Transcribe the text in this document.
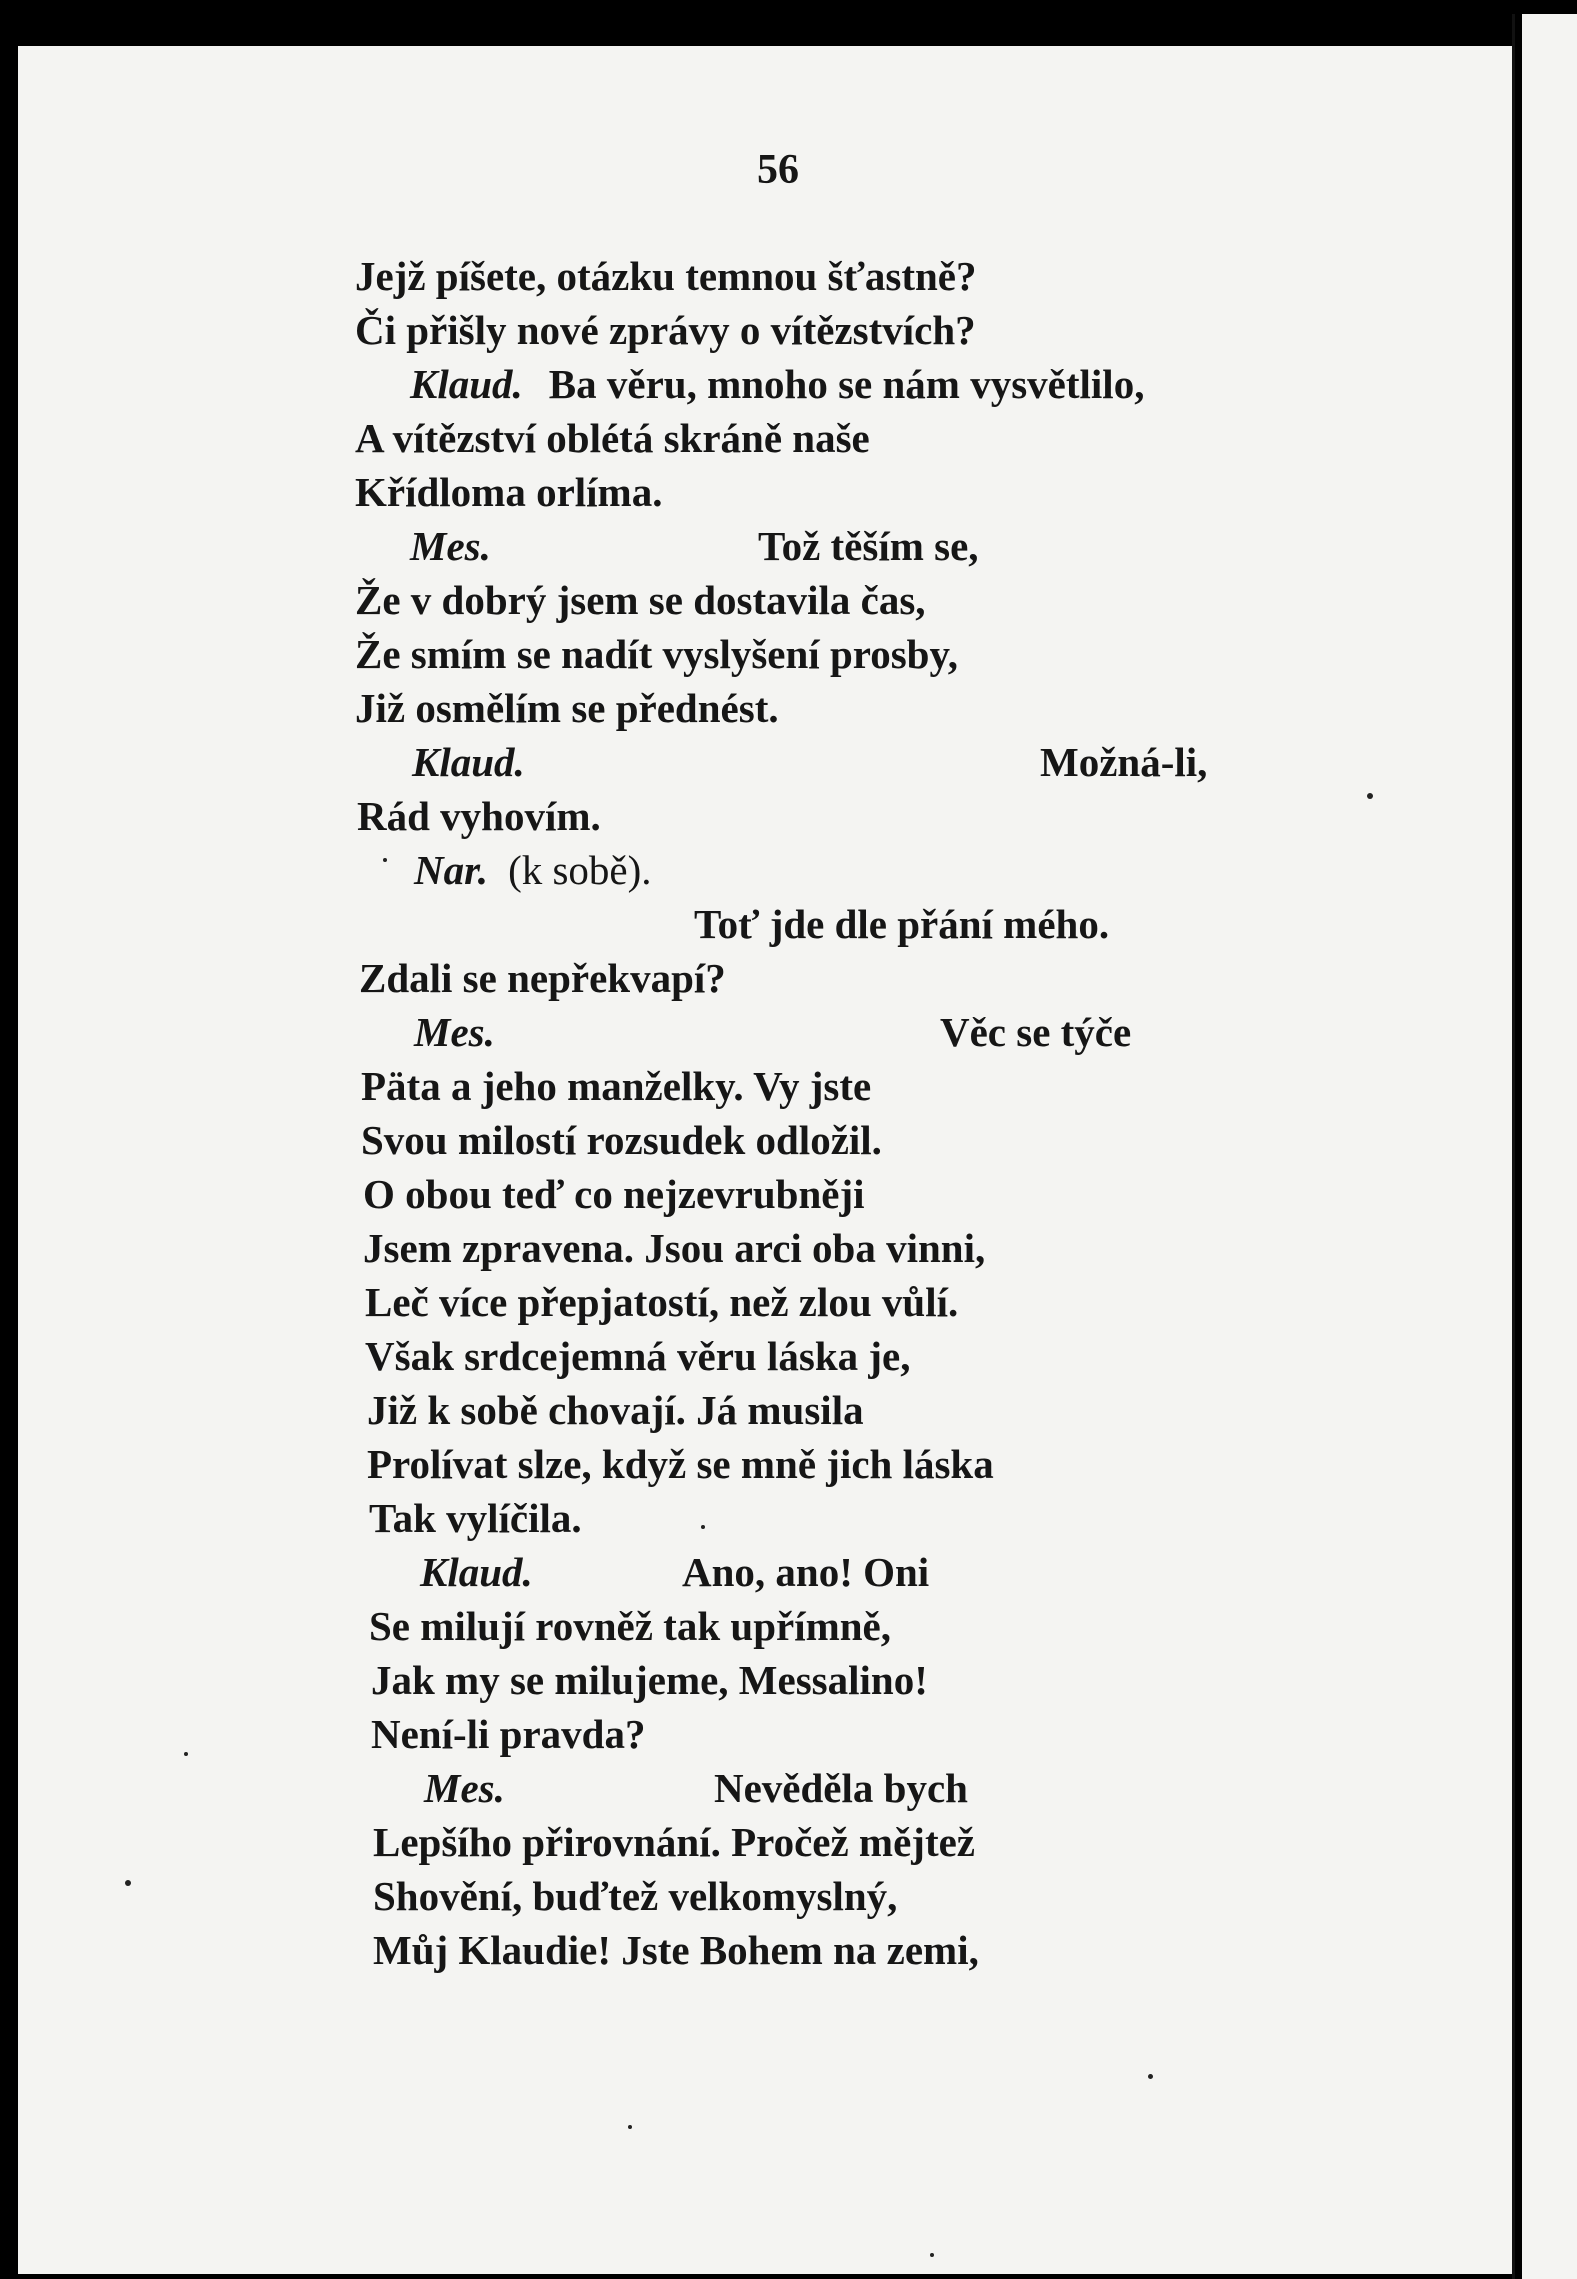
56

Jejž píšete, otázku temnou šťastně?
Či přišly nové zprávy o vítězstvích?
Klaud. Ba věru, mnoho se nám vysvětlilo,
A vítězství oblétá skráně naše
Křídloma orlíma.
Mes.	Tož těším se,
Že v dobrý jsem se dostavila čas,
Že smím se nadít vyslyšení prosby,
Již osmělím se přednést.
Klaud.	Možná-li,
Rád vyhovím.
Nar. (k sobě).
Toť jde dle přání mého.
Zdali se nepřekvapí?
Mes.	Věc se týče
Päta a jeho manželky. Vy jste
Svou milostí rozsudek odložil.
O obou teď co nejzevrubněji
Jsem zpravena. Jsou arci oba vinni,
Leč více přepjatostí, než zlou vůlí.
Však srdcejemná věru láska je,
Již k sobě chovají. Já musila
Prolívat slze, když se mně jich láska
Tak vylíčila.
Klaud.	Ano, ano! Oni
Se milují rovněž tak upřímně,
Jak my se milujeme, Messalino!
Není-li pravda?
Mes.	Nevěděla bych
Lepšího přirovnání. Pročež mějtež
Shovění, buďtež velkomyslný,
Můj Klaudie! Jste Bohem na zemi,
